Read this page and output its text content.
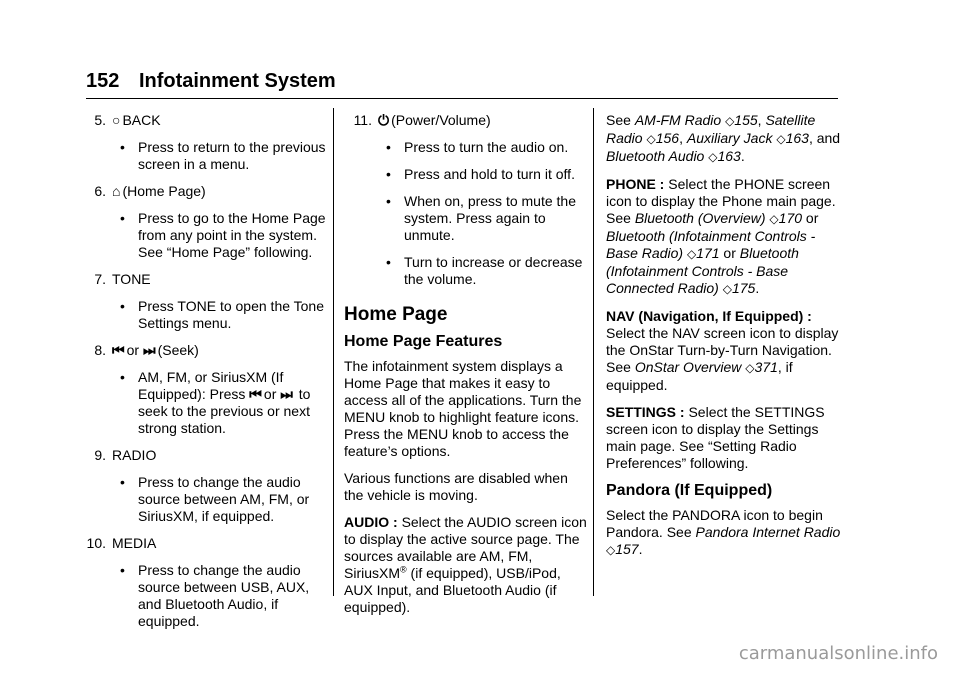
152 Infotainment System
5. ○ BACK
• Press to return to the previous screen in a menu.
6. ⌂ (Home Page)
• Press to go to the Home Page from any point in the system. See “Home Page” following.
7. TONE
• Press TONE to open the Tone Settings menu.
8. ⏮ or ⏭ (Seek)
• AM, FM, or SiriusXM (If Equipped): Press ⏮ or ⏭ to seek to the previous or next strong station.
9. RADIO
• Press to change the audio source between AM, FM, or SiriusXM, if equipped.
10. MEDIA
• Press to change the audio source between USB, AUX, and Bluetooth Audio, if equipped.
11. ⏻ (Power/Volume)
• Press to turn the audio on.
• Press and hold to turn it off.
• When on, press to mute the system. Press again to unmute.
• Turn to increase or decrease the volume.
Home Page
Home Page Features

The infotainment system displays a Home Page that makes it easy to access all of the applications. Turn the MENU knob to highlight feature icons. Press the MENU knob to access the feature’s options.

Various functions are disabled when the vehicle is moving.

AUDIO : Select the AUDIO screen icon to display the active source page. The sources available are AM, FM, SiriusXM® (if equipped), USB/iPod, AUX Input, and Bluetooth Audio (if equipped).

See AM-FM Radio ◇155, Satellite Radio ◇156, Auxiliary Jack ◇163, and Bluetooth Audio ◇163.

PHONE : Select the PHONE screen icon to display the Phone main page. See Bluetooth (Overview) ◇170 or Bluetooth (Infotainment Controls - Base Radio) ◇171 or Bluetooth (Infotainment Controls - Base Connected Radio) ◇175.

NAV (Navigation, If Equipped) :
Select the NAV screen icon to display the OnStar Turn-by-Turn Navigation. See OnStar Overview ◇371, if equipped.

SETTINGS : Select the SETTINGS screen icon to display the Settings main page. See “Setting Radio Preferences” following.

Pandora (If Equipped)

Select the PANDORA icon to begin Pandora. See Pandora Internet Radio ◇157.

carmanualsonline.info
